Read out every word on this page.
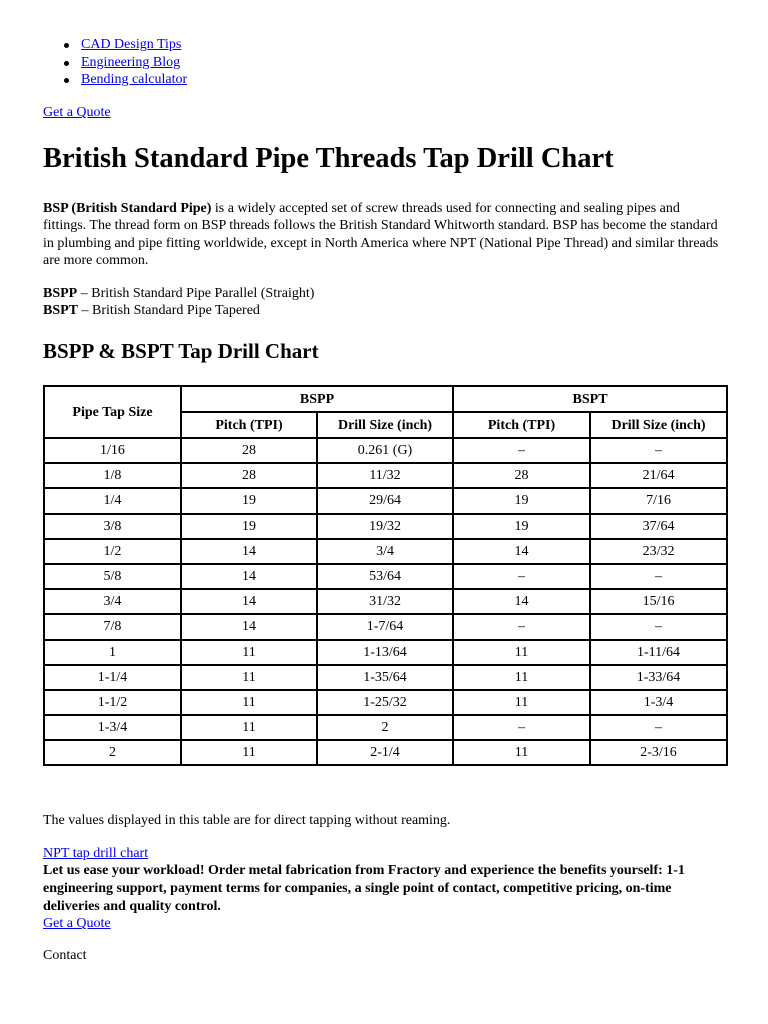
CAD Design Tips
Engineering Blog
Bending calculator
Get a Quote
British Standard Pipe Threads Tap Drill Chart

BSP (British Standard Pipe) is a widely accepted set of screw threads used for connecting and sealing pipes and fittings. The thread form on BSP threads follows the British Standard Whitworth standard. BSP has become the standard in plumbing and pipe fitting worldwide, except in North America where NPT (National Pipe Thread) and similar threads are more common.

BSPP – British Standard Pipe Parallel (Straight)
BSPT – British Standard Pipe Tapered

BSPP & BSPT Tap Drill Chart
Pipe Tap Size	BSPP		BSPT	
	Pitch (TPI)	Drill Size (inch)	Pitch (TPI)	Drill Size (inch)
1/16	28	0.261 (G)	–	–
1/8	28	11/32	28	21/64
1/4	19	29/64	19	7/16
3/8	19	19/32	19	37/64
1/2	14	3/4	14	23/32
5/8	14	53/64	–	–
3/4	14	31/32	14	15/16
7/8	14	1-7/64	–	–
1	11	1-13/64	11	1-11/64
1-1/4	11	1-35/64	11	1-33/64
1-1/2	11	1-25/32	11	1-3/4
1-3/4	11	2	–	–
2	11	2-1/4	11	2-3/16
The values displayed in this table are for direct tapping without reaming.
NPT tap drill chart

Let us ease your workload! Order metal fabrication from Fractory and experience the benefits yourself: 1-1 engineering support, payment terms for companies, a single point of contact, competitive pricing, on-time deliveries and quality control.

Get a Quote
Contact
